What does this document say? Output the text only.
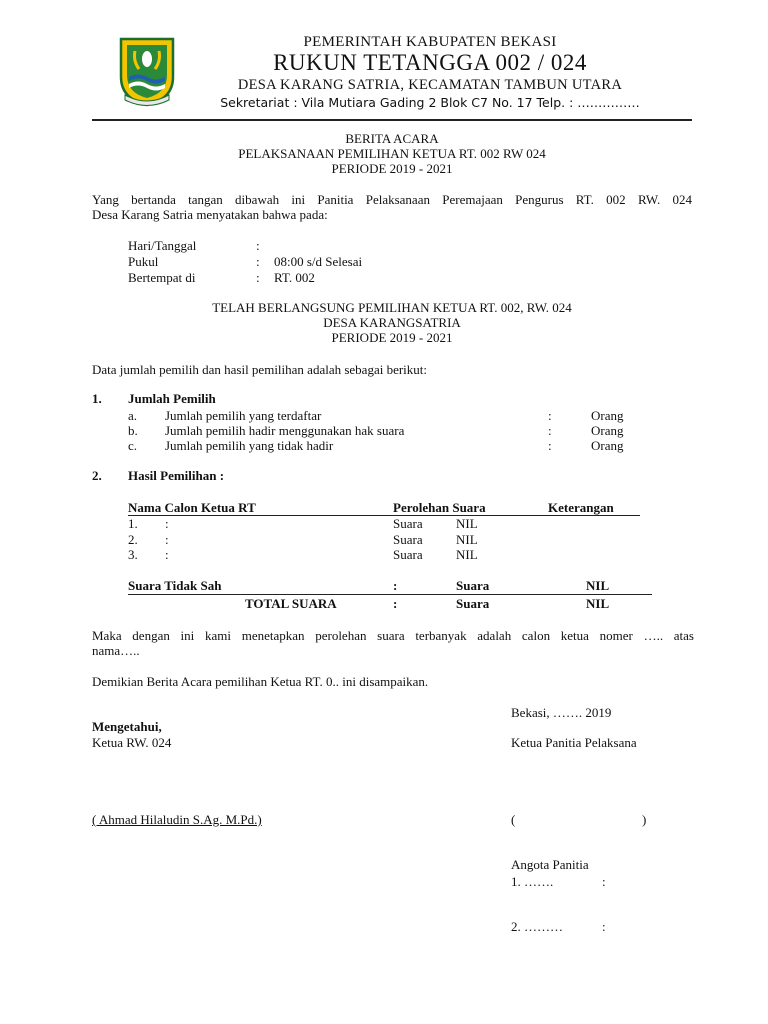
PEMERINTAH KABUPATEN BEKASI
RUKUN TETANGGA 002 / 024
DESA KARANG SATRIA, KECAMATAN TAMBUN UTARA
Sekretariat : Vila Mutiara Gading 2 Blok C7 No. 17 Telp. : ……………
BERITA ACARA
PELAKSANAAN PEMILIHAN KETUA RT. 002 RW 024
PERIODE 2019 - 2021
Yang bertanda tangan dibawah ini Panitia Pelaksanaan Peremajaan Pengurus RT. 002 RW. 024
Desa Karang Satria menyatakan bahwa pada:
Hari/Tanggal	:
Pukul	: 08:00 s/d Selesai
Bertempat di	: RT. 002
TELAH BERLANGSUNG PEMILIHAN KETUA RT. 002, RW. 024
DESA KARANGSATRIA
PERIODE 2019 - 2021
Data jumlah pemilih dan hasil pemilihan adalah sebagai berikut:
1. Jumlah Pemilih
a. Jumlah pemilih yang terdaftar	:	Orang
b. Jumlah pemilih hadir menggunakan hak suara	:	Orang
c. Jumlah pemilih yang tidak hadir	:	Orang
2. Hasil Pemilihan :
Nama Calon Ketua RT	Perolehan Suara	Keterangan
1. :	Suara	NIL
2. :	Suara	NIL
3. :	Suara	NIL
Suara Tidak Sah	:	Suara	NIL
TOTAL SUARA	:	Suara	NIL
Maka dengan ini kami menetapkan perolehan suara terbanyak adalah calon ketua nomer ….. atas
nama…..
Demikian Berita Acara pemilihan Ketua RT. 0.. ini disampaikan.
Bekasi, ……. 2019
Mengetahui,
Ketua RW. 024	Ketua Panitia Pelaksana
( Ahmad Hilaludin S.Ag. M.Pd.)	(	)
Angota Panitia
1. …….	:
2. ………	:
